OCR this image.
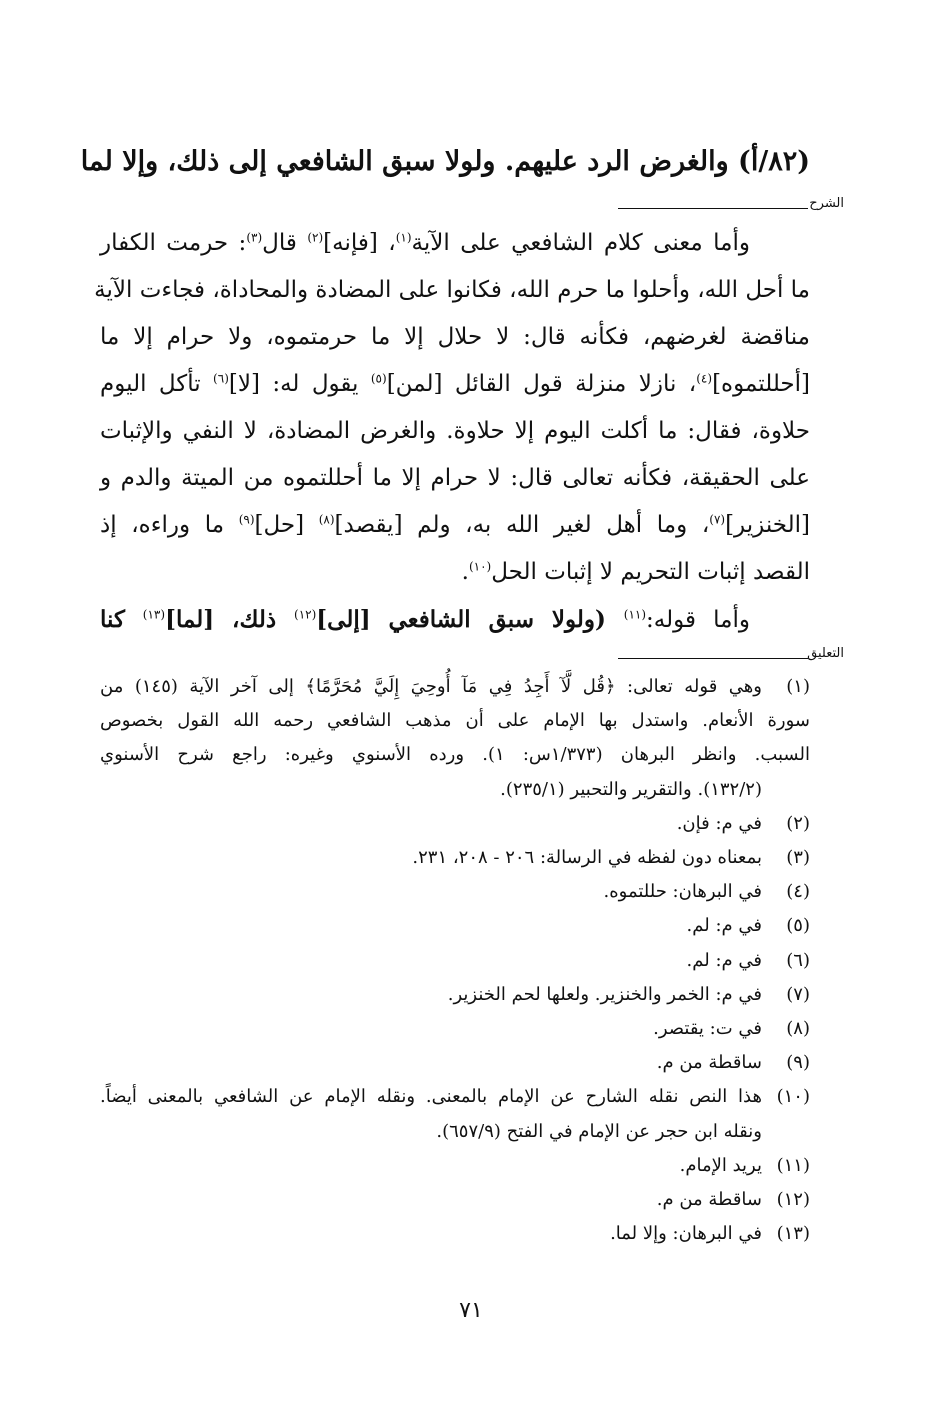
(٨٢/أ) والغرض الرد عليهم. ولولا سبق الشافعي إلى ذلك، وإلا لما
الشرح
وأما معنى كلام الشافعي على الآية$^{(١)}$، [فإنه]$^{(٢)}$ قال$^{(٣)}$: حرمت الكفار
ما أحل الله، وأحلوا ما حرم الله، فكانوا على المضادة والمحاداة، فجاءت الآية
مناقضة لغرضهم، فكأنه قال: لا حلال إلا ما حرمتموه، ولا حرام إلا ما
[أحللتموه]$^{(٤)}$، نازلا منزلة قول القائل [لمن]$^{(٥)}$ يقول له: [لا]$^{(٦)}$ تأكل اليوم
حلاوة، فقال: ما أكلت اليوم إلا حلاوة. والغرض المضادة، لا النفي والإثبات
على الحقيقة، فكأنه تعالى قال: لا حرام إلا ما أحللتموه من الميتة والدم و
[الخنزير]$^{(٧)}$، وما أهل لغير الله به، ولم [يقصد]$^{(٨)}$ [حل]$^{(٩)}$ ما وراءه، إذ
القصد إثبات التحريم لا إثبات الحل$^{(١٠)}$.
وأما قوله:$^{(١١)}$ (ولولا سبق الشافعي [إلى]$^{(١٢)}$ ذلك، [لما]$^{(١٣)}$ كنا
التعليق
(١)
وهي قوله تعالى: ﴿قُل لَّآ أَجِدُ فِي مَآ أُوحِيَ إِلَيَّ مُحَرَّمًا﴾ إلى آخر الآية (١٤٥) من
سورة الأنعام. واستدل بها الإمام على أن مذهب الشافعي رحمه الله القول بخصوص
السبب. وانظر البرهان (١/٣٧٣س: ١). ورده الأسنوي وغيره: راجع شرح الأسنوي
(١٣٢/٢). والتقرير والتحبير (٢٣٥/١).
(٢)
في م: فإن.
(٣)
بمعناه دون لفظه في الرسالة: ٢٠٦ - ٢٠٨، ٢٣١.
(٤)
في البرهان: حللتموه.
(٥)
في م: لم.
(٦)
في م: لم.
(٧)
في م: الخمر والخنزير. ولعلها لحم الخنزير.
(٨)
في ت: يقتصر.
(٩)
ساقطة من م.
(١٠)
هذا النص نقله الشارح عن الإمام بالمعنى. ونقله الإمام عن الشافعي بالمعنى أيضاً.
ونقله ابن حجر عن الإمام في الفتح (٦٥٧/٩).
(١١)
يريد الإمام.
(١٢)
ساقطة من م.
(١٣)
في البرهان: وإلا لما.
٧١
